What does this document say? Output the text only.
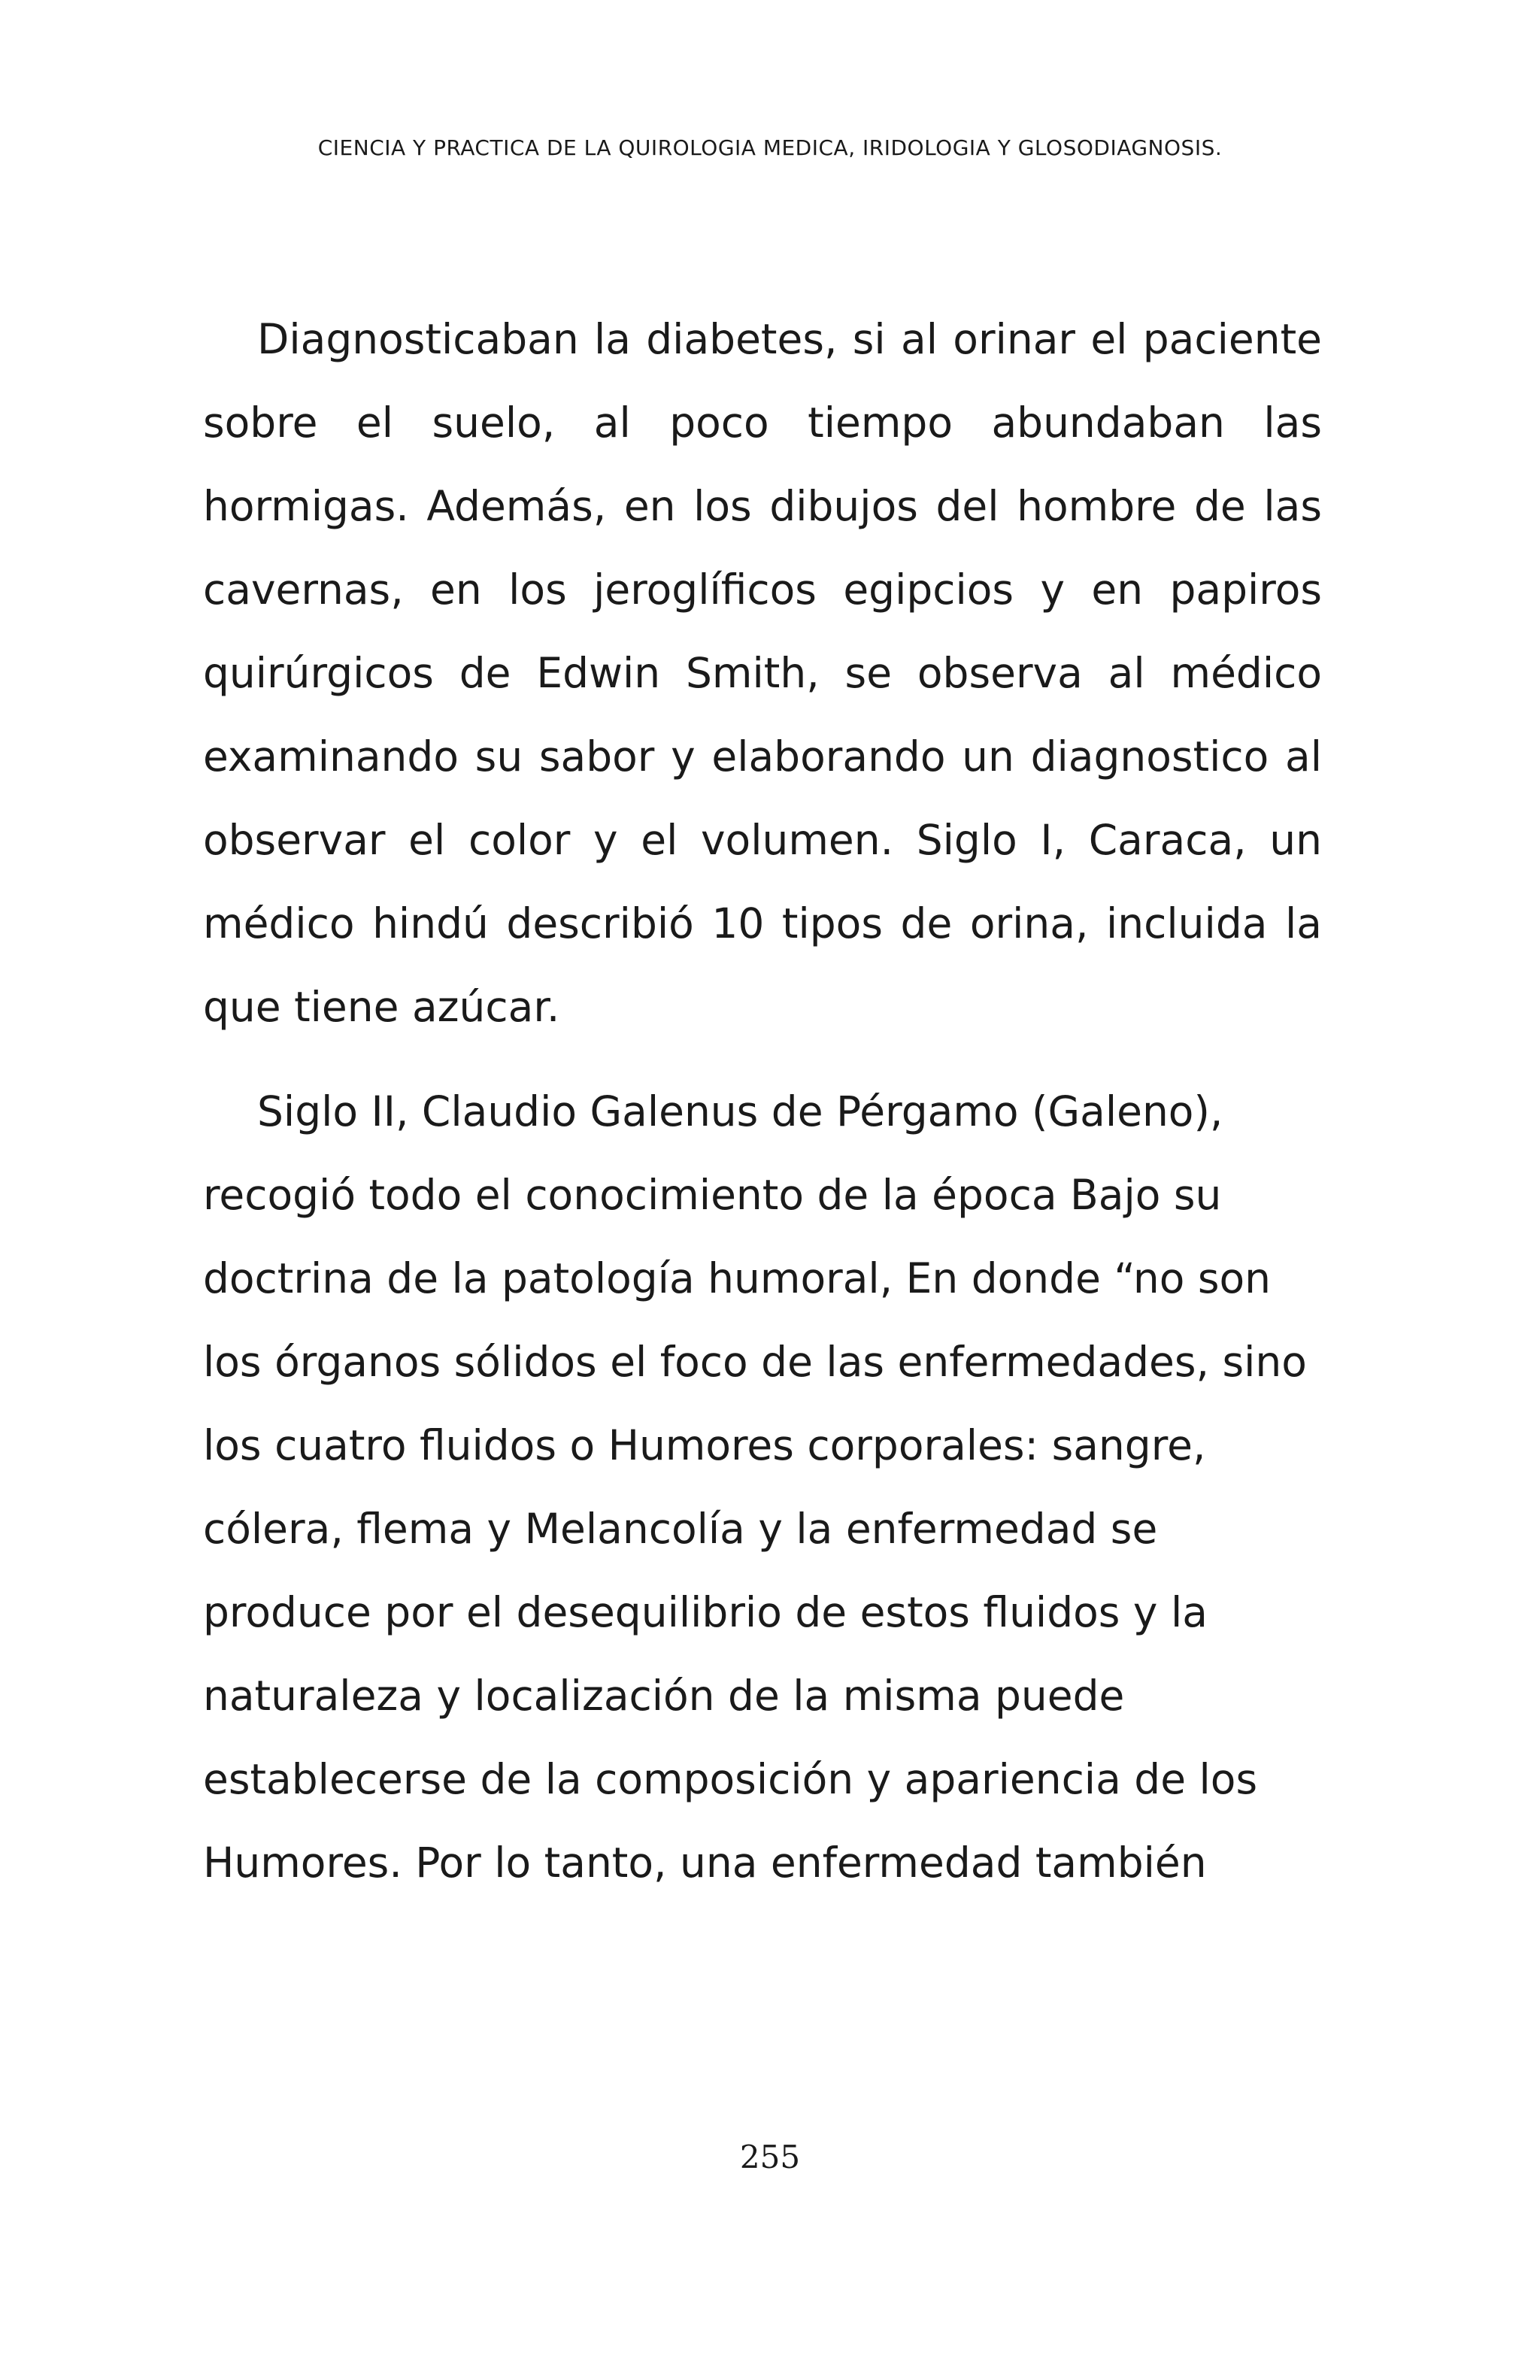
CIENCIA Y PRACTICA DE LA QUIROLOGIA MEDICA, IRIDOLOGIA Y GLOSODIAGNOSIS.

Diagnosticaban la diabetes, si al orinar el paciente sobre el suelo, al poco tiempo abundaban las hormigas. Además, en los dibujos del hombre de las cavernas, en los jeroglíficos egipcios y en papiros quirúrgicos de Edwin Smith, se observa al médico examinando su sabor y elaborando un diagnostico al observar el color y el volumen. Siglo I, Caraca, un médico hindú describió 10 tipos de orina, incluida la que tiene azúcar.

Siglo II, Claudio Galenus de Pérgamo (Galeno), recogió todo el conocimiento de la época Bajo su doctrina de la patología humoral, En donde “no son los órganos sólidos el foco de las enfermedades, sino los cuatro fluidos o Humores corporales: sangre, cólera, flema y Melancolía y la enfermedad se produce por el desequilibrio de estos fluidos y la naturaleza y localización de la misma puede establecerse de la composición y apariencia de los Humores. Por lo tanto, una enfermedad también

255
